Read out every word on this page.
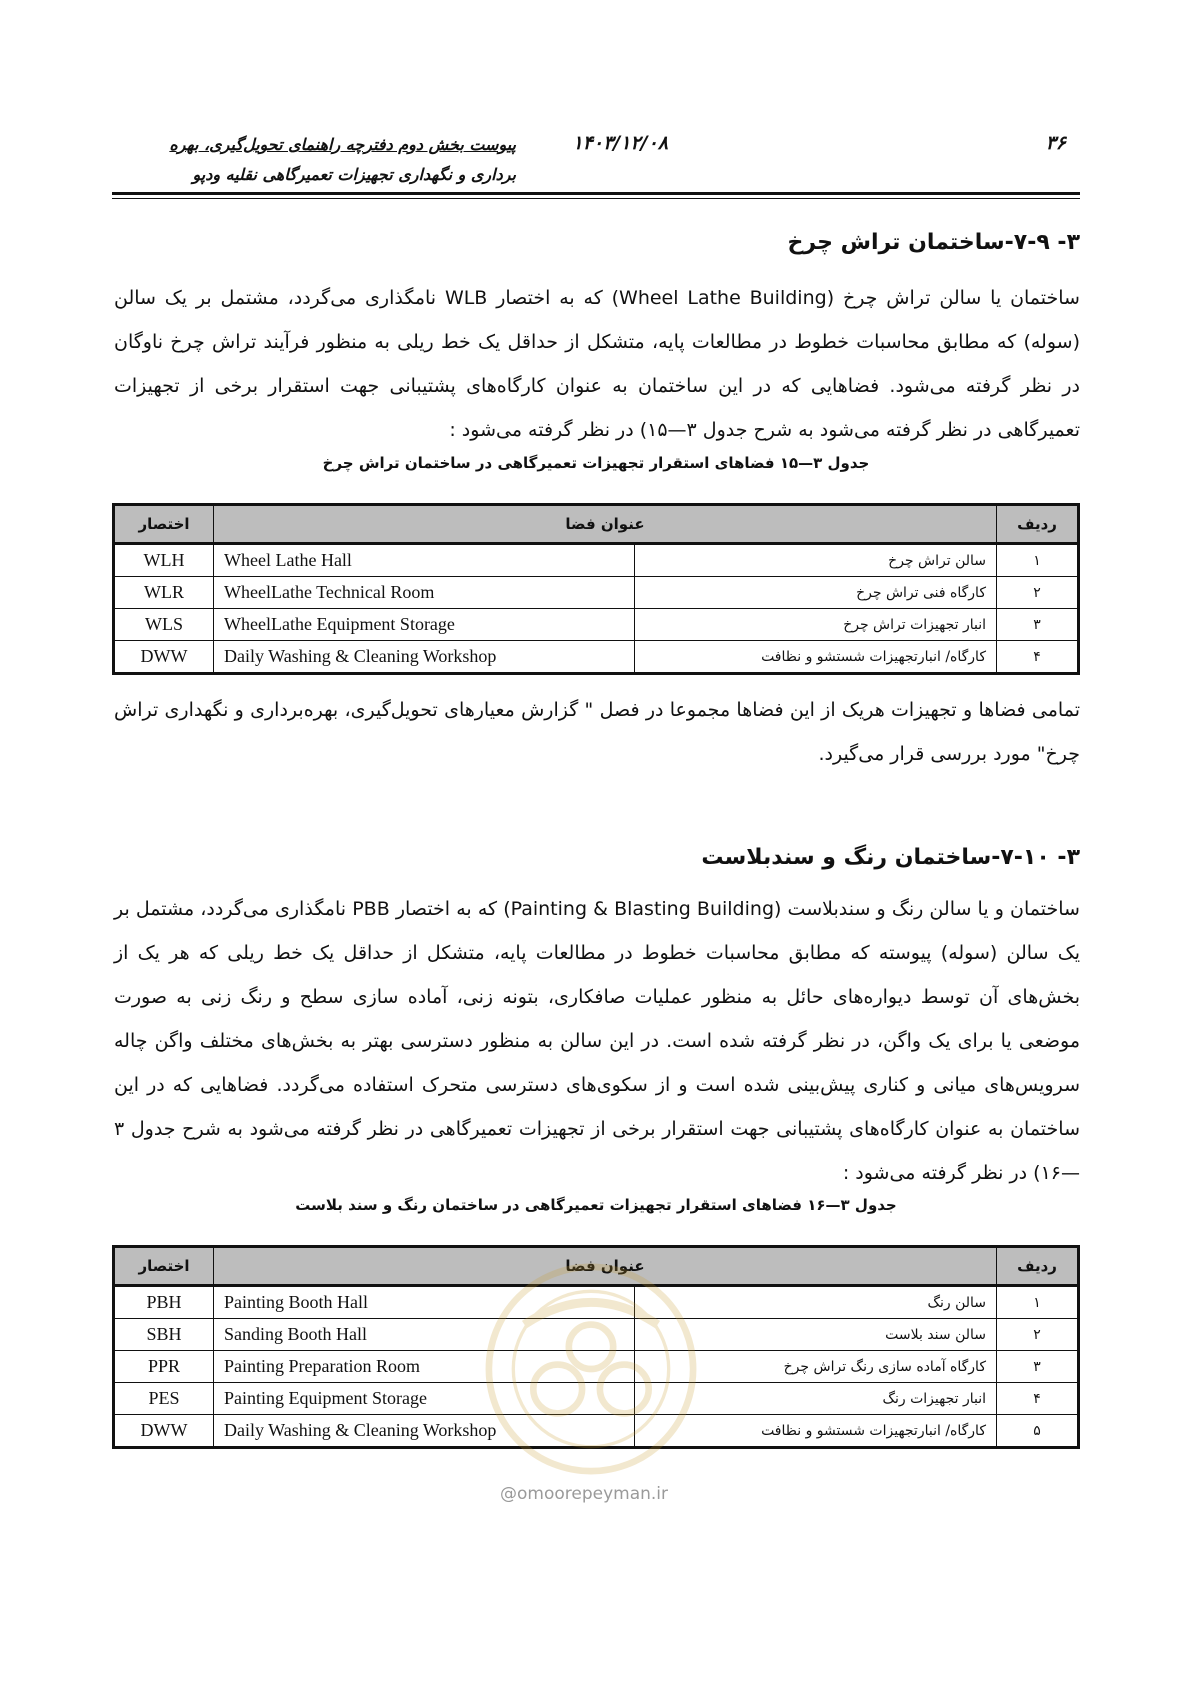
۳۶
۱۴۰۳/۱۲/۰۸
پیوست بخش دوم دفترچه راهنمای تحویل‌گیری، بهره
برداری و نگهداری تجهیزات تعمیرگاهی نقلیه ودپو
۳- ۷-۹-ساختمان تراش چرخ
ساختمان یا سالن تراش چرخ (Wheel Lathe Building) که به اختصار WLB نامگذاری می‌گردد، مشتمل بر یک سالن (سوله) که مطابق محاسبات خطوط در مطالعات پایه، متشکل از حداقل یک خط ریلی به منظور فرآیند تراش چرخ ناوگان در نظر گرفته می‌شود. فضاهایی که در این ساختمان به عنوان کارگاه‌های پشتیبانی جهت استقرار برخی از تجهیزات تعمیرگاهی در نظر گرفته می‌شود به شرح جدول ۳—۱۵) در نظر گرفته می‌شود :
جدول ۳—۱۵ فضاهای استقرار تجهیزات تعمیرگاهی در ساختمان تراش چرخ
اختصار	عنوان فضا		ردیف
WLH	Wheel Lathe Hall	سالن تراش چرخ	۱
WLR	WheelLathe Technical Room	کارگاه فنی تراش چرخ	۲
WLS	WheelLathe Equipment Storage	انبار تجهیزات تراش چرخ	۳
DWW	Daily Washing & Cleaning Workshop	کارگاه/ انبارتجهیزات شستشو و نظافت	۴
تمامی فضاها و تجهیزات هریک از این فضاها مجموعا در فصل " گزارش معیارهای تحویل‌گیری، بهره‌برداری و نگهداری تراش چرخ" مورد بررسی قرار می‌گیرد.
۳- ۷-۱۰-ساختمان رنگ و سندبلاست
ساختمان و یا سالن رنگ و سندبلاست (Painting & Blasting Building) که به اختصار PBB نامگذاری می‌گردد، مشتمل بر یک سالن (سوله) پیوسته که مطابق محاسبات خطوط در مطالعات پایه، متشکل از حداقل یک خط ریلی که هر یک از بخش‌های آن توسط دیواره‌های حائل به منظور عملیات صافکاری، بتونه زنی، آماده سازی سطح و رنگ زنی به صورت موضعی یا برای یک واگن، در نظر گرفته شده است. در این سالن به منظور دسترسی بهتر به بخش‌های مختلف واگن چاله سرویس‌های میانی و کناری پیش‌بینی شده است و از سکوی‌های دسترسی متحرک استفاده می‌گردد. فضاهایی که در این ساختمان به عنوان کارگاه‌های پشتیبانی جهت استقرار برخی از تجهیزات تعمیرگاهی در نظر گرفته می‌شود به شرح جدول ۳—۱۶) در نظر گرفته می‌شود :
جدول ۳—۱۶ فضاهای استقرار تجهیزات تعمیرگاهی در ساختمان رنگ و سند بلاست
اختصار	عنوان فضا		ردیف
PBH	Painting Booth Hall	سالن رنگ	۱
SBH	Sanding Booth Hall	سالن سند بلاست	۲
PPR	Painting Preparation Room	کارگاه آماده سازی رنگ تراش چرخ	۳
PES	Painting Equipment Storage	انبار تجهیزات رنگ	۴
DWW	Daily Washing & Cleaning Workshop	کارگاه/ انبارتجهیزات شستشو و نظافت	۵
@omoorepeyman.ir
